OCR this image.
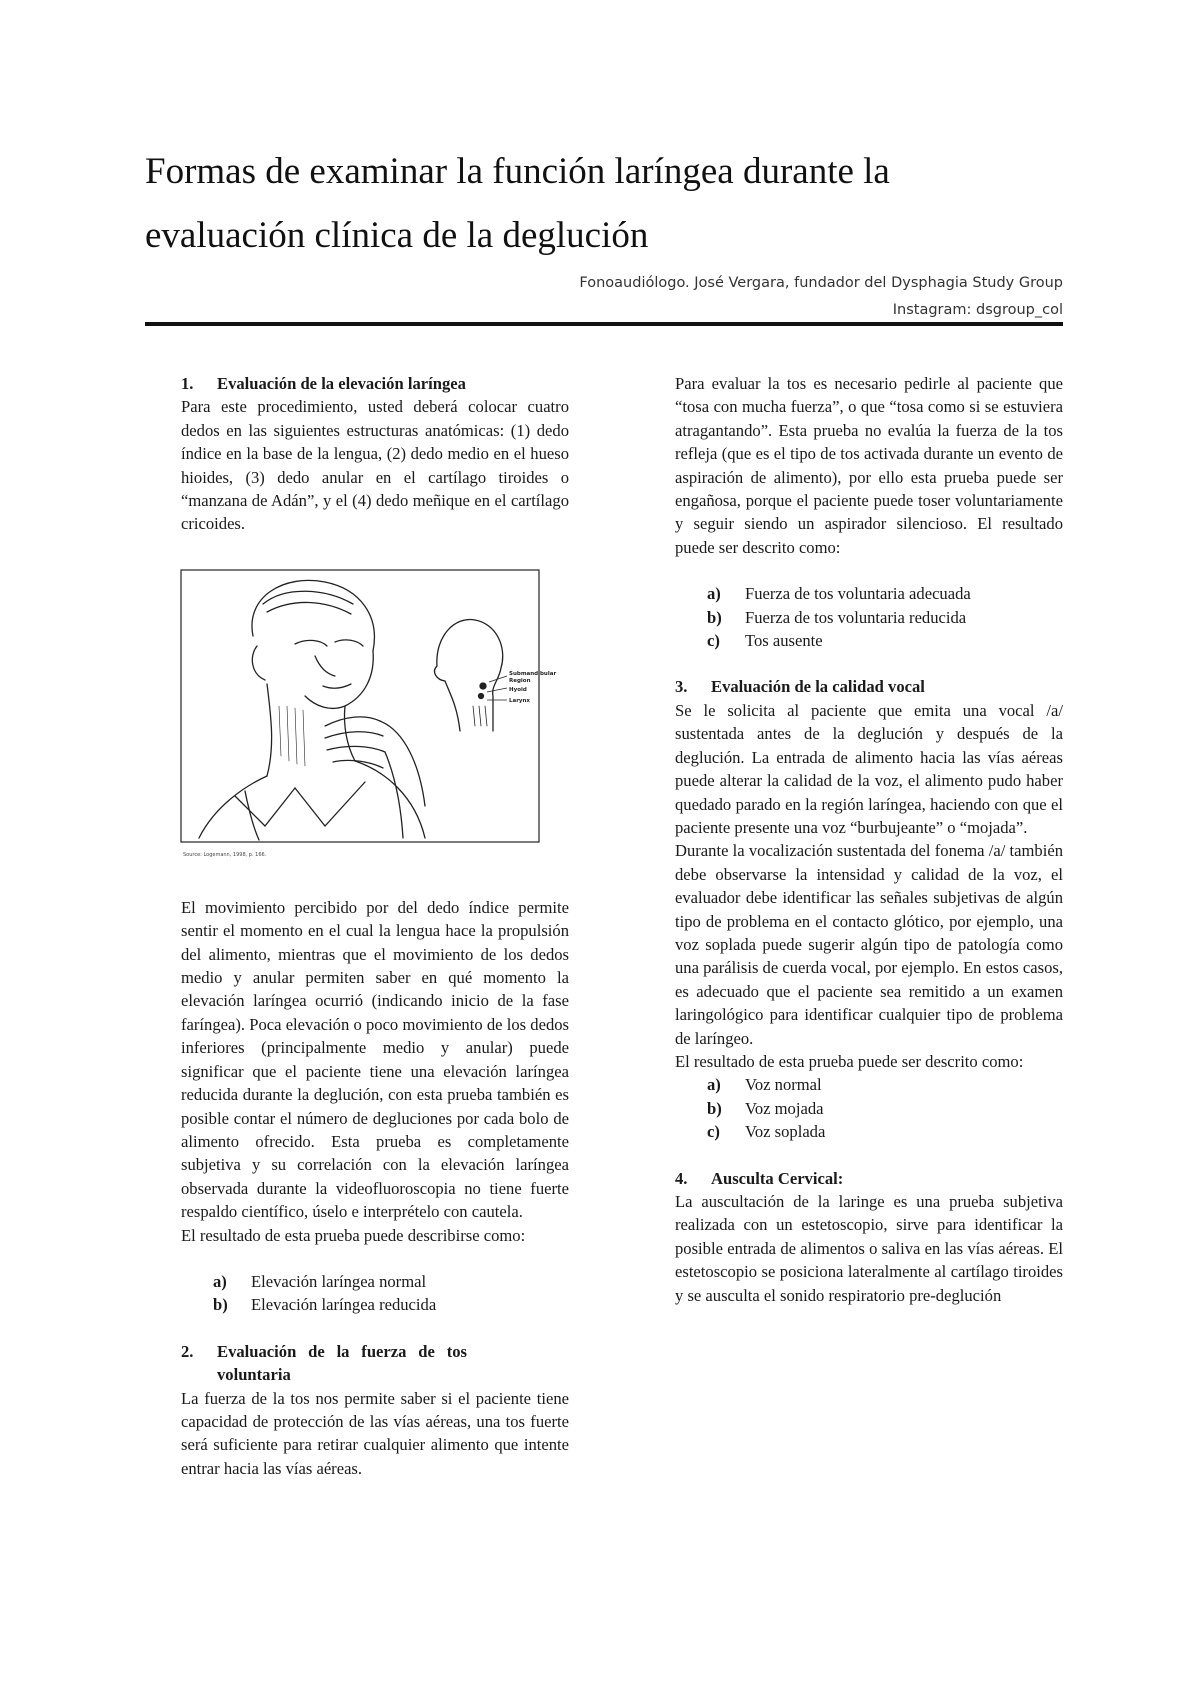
Formas de examinar la función laríngea durante la
evaluación clínica de la deglución
Fonoaudiólogo. José Vergara, fundador del Dysphagia Study Group
Instagram: dsgroup_col
1.	Evaluación de la elevación laríngea

Para este procedimiento, usted deberá colocar cuatro dedos en las siguientes estructuras anatómicas: (1) dedo índice en la base de la lengua, (2) dedo medio en el hueso hioides, (3) dedo anular en el cartílago tiroides o “manzana de Adán”, y el (4) dedo meñique en el cartílago cricoides.

Submandibular
Region
Hyoid
Larynx
Source: Logemann, 1998, p. 166.

El movimiento percibido por del dedo índice permite sentir el momento en el cual la lengua hace la propulsión del alimento, mientras que el movimiento de los dedos medio y anular permiten saber en qué momento la elevación laríngea ocurrió (indicando inicio de la fase faríngea). Poca elevación o poco movimiento de los dedos inferiores (principalmente medio y anular) puede significar que el paciente tiene una elevación laríngea reducida durante la deglución, con esta prueba también es posible contar el número de degluciones por cada bolo de alimento ofrecido. Esta prueba es completamente subjetiva y su correlación con la elevación laríngea observada durante la videofluoroscopia no tiene fuerte respaldo científico, úselo e interprételo con cautela.

El resultado de esta prueba puede describirse como:

a)	Elevación laríngea normal
b)	Elevación laríngea reducida
2.	Evaluación de la fuerza de tos voluntaria

La fuerza de la tos nos permite saber si el paciente tiene capacidad de protección de las vías aéreas, una tos fuerte será suficiente para retirar cualquier alimento que intente entrar hacia las vías aéreas.

Para evaluar la tos es necesario pedirle al paciente que “tosa con mucha fuerza”, o que “tosa como si se estuviera atragantando”. Esta prueba no evalúa la fuerza de la tos refleja (que es el tipo de tos activada durante un evento de aspiración de alimento), por ello esta prueba puede ser engañosa, porque el paciente puede toser voluntariamente y seguir siendo un aspirador silencioso. El resultado puede ser descrito como:

a)	Fuerza de tos voluntaria adecuada
b)	Fuerza de tos voluntaria reducida
c)	Tos ausente
3.	Evaluación de la calidad vocal

Se le solicita al paciente que emita una vocal /a/ sustentada antes de la deglución y después de la deglución. La entrada de alimento hacia las vías aéreas puede alterar la calidad de la voz, el alimento pudo haber quedado parado en la región laríngea, haciendo con que el paciente presente una voz “burbujeante” o “mojada”.

Durante la vocalización sustentada del fonema /a/ también debe observarse la intensidad y calidad de la voz, el evaluador debe identificar las señales subjetivas de algún tipo de problema en el contacto glótico, por ejemplo, una voz soplada puede sugerir algún tipo de patología como una parálisis de cuerda vocal, por ejemplo. En estos casos, es adecuado que el paciente sea remitido a un examen laringológico para identificar cualquier tipo de problema de laríngeo.

El resultado de esta prueba puede ser descrito como:

a)	Voz normal
b)	Voz mojada
c)	Voz soplada
4.	Ausculta Cervical:

La auscultación de la laringe es una prueba subjetiva realizada con un estetoscopio, sirve para identificar la posible entrada de alimentos o saliva en las vías aéreas. El estetoscopio se posiciona lateralmente al cartílago tiroides y se ausculta el sonido respiratorio pre-deglución
